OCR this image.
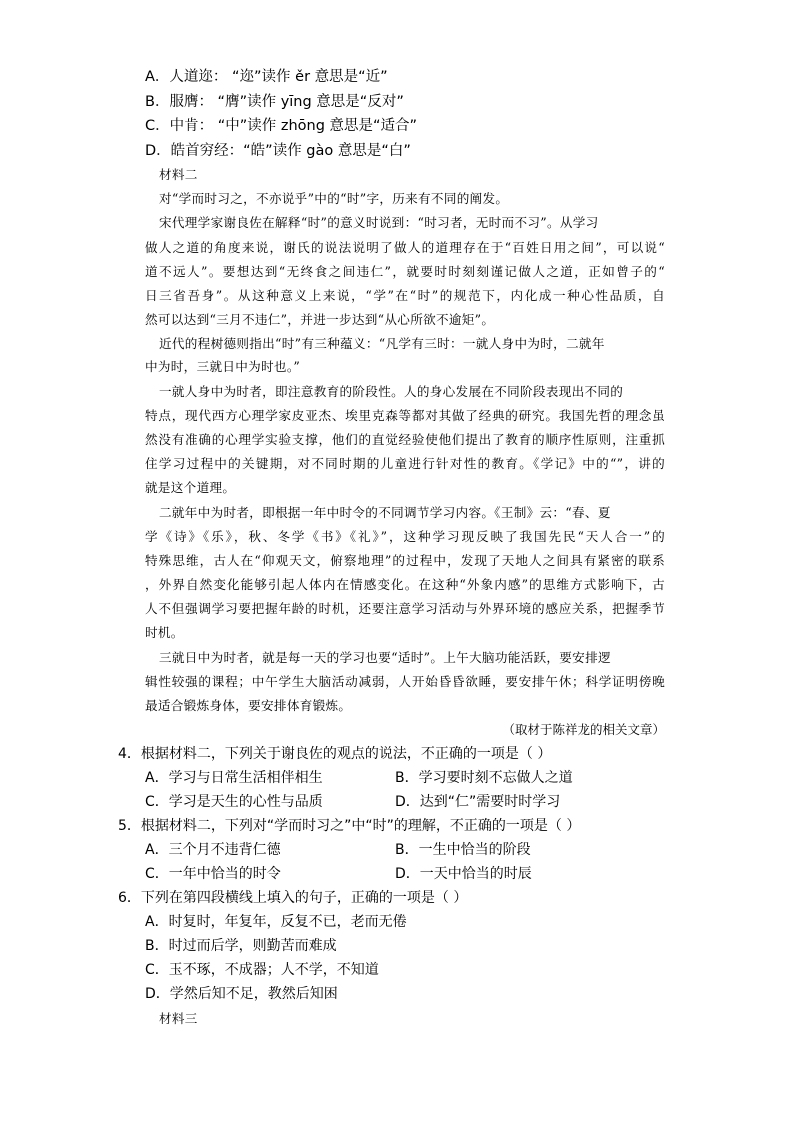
A．人道迩： “迩”读作 ěr 意思是“近”
B．服膺： “膺”读作 yīng 意思是“反对”
C．中肯： “中”读作 zhōng 意思是“适合”
D．皓首穷经：“皓”读作 gào 意思是“白”
材料二
对“学而时习之，不亦说乎”中的“时”字，历来有不同的阐发。
宋代理学家谢良佐在解释“时”的意义时说到：“时习者，无时而不习”。从学习
做人之道的角度来说，谢氏的说法说明了做人的道理存在于“百姓日用之间”，可以说“
道不远人”。要想达到“无终食之间违仁”，就要时时刻刻谨记做人之道，正如曾子的“
日三省吾身”。从这种意义上来说，“学”在“时”的规范下，内化成一种心性品质，自
然可以达到“三月不违仁”，并进一步达到“从心所欲不逾矩”。
近代的程树德则指出“时”有三种蕴义：“凡学有三时：一就人身中为时，二就年
中为时，三就日中为时也。”
一就人身中为时者，即注意教育的阶段性。人的身心发展在不同阶段表现出不同的
特点，现代西方心理学家皮亚杰、埃里克森等都对其做了经典的研究。我国先哲的理念虽
然没有准确的心理学实验支撑，他们的直觉经验使他们提出了教育的顺序性原则，注重抓
住学习过程中的关键期，对不同时期的儿童进行针对性的教育。《学记》中的“”，讲的
就是这个道理。
二就年中为时者，即根据一年中时令的不同调节学习内容。《王制》云：“春、夏
学《诗》《乐》，秋、冬学《书》《礼》”，这种学习现反映了我国先民“天人合一”的
特殊思维，古人在“仰观天文，俯察地理”的过程中，发现了天地人之间具有紧密的联系
，外界自然变化能够引起人体内在情感变化。在这种“外象内感”的思维方式影响下，古
人不但强调学习要把握年龄的时机，还要注意学习活动与外界环境的感应关系，把握季节
时机。
三就日中为时者，就是每一天的学习也要“适时”。上午大脑功能活跃，要安排逻
辑性较强的课程；中午学生大脑活动减弱，人开始昏昏欲睡，要安排午休；科学证明傍晚
最适合锻炼身体，要安排体育锻炼。
（取材于陈祥龙的相关文章）
4．根据材料二，下列关于谢良佐的观点的说法，不正确的一项是（ ）
A．学习与日常生活相伴相生	B．学习要时刻不忘做人之道
C．学习是天生的心性与品质	D．达到“仁”需要时时学习
5．根据材料二，下列对“学而时习之”中“时”的理解，不正确的一项是（ ）
A．三个月不违背仁德	B．一生中恰当的阶段
C．一年中恰当的时令	D．一天中恰当的时辰
6．下列在第四段横线上填入的句子，正确的一项是（ ）
A．时复时，年复年，反复不已，老而无倦
B．时过而后学，则勤苦而难成
C．玉不琢，不成器；人不学，不知道
D．学然后知不足，教然后知困
材料三
